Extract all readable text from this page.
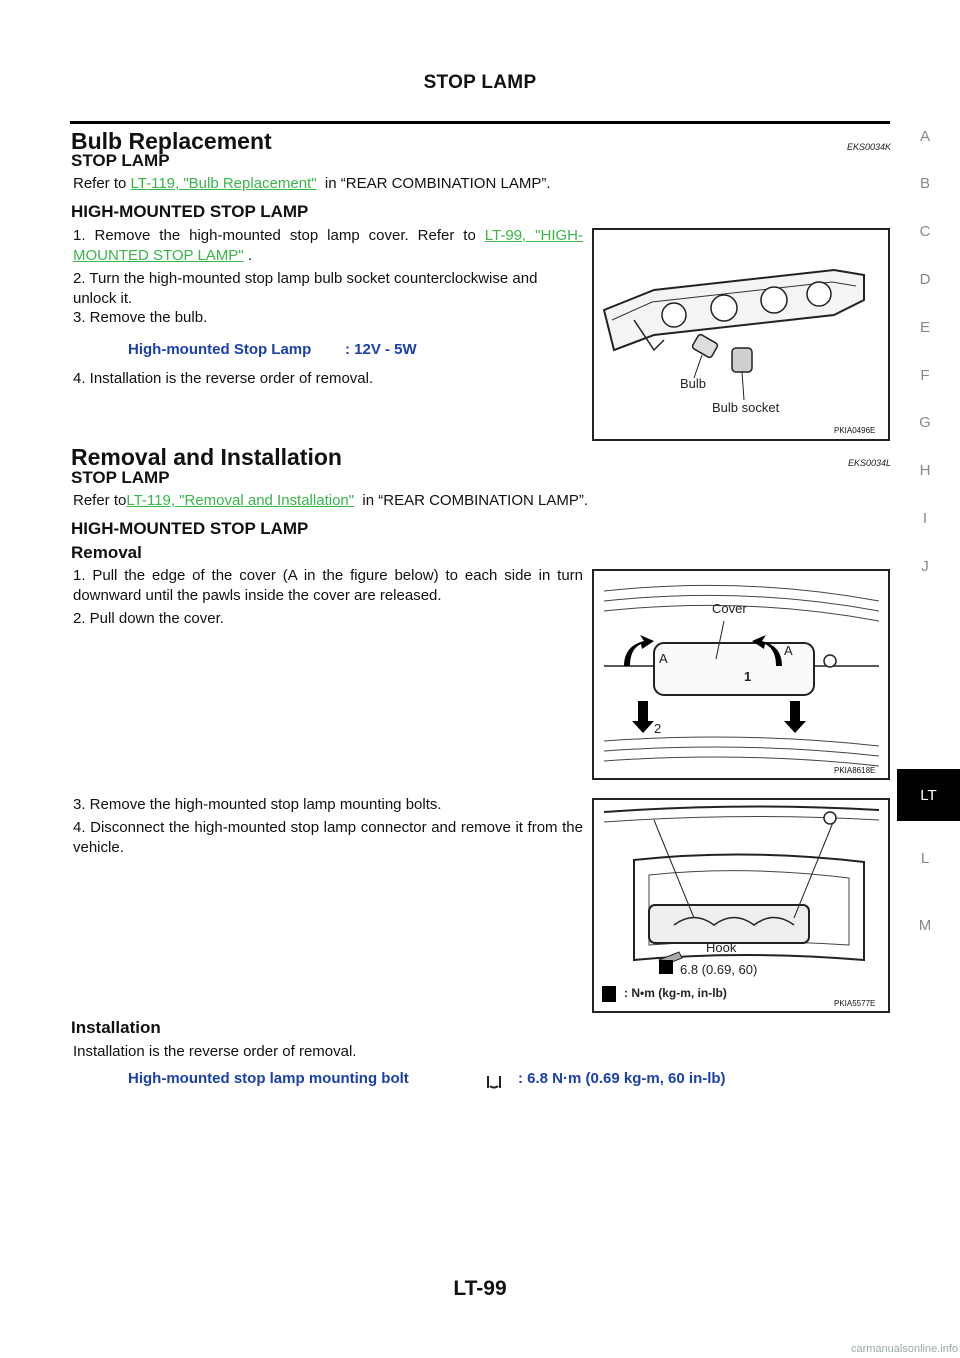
STOP LAMP
Bulb Replacement	EKS0034K
STOP LAMP
Refer to LT-119, "Bulb Replacement" in “REAR COMBINATION LAMP”.
HIGH-MOUNTED STOP LAMP
1. Remove the high-mounted stop lamp cover. Refer to LT-99, "HIGH-MOUNTED STOP LAMP" .
2. Turn the high-mounted stop lamp bulb socket counterclockwise and unlock it.
3. Remove the bulb.
High-mounted Stop Lamp : 12V - 5W
4. Installation is the reverse order of removal.	Bulb
Bulb socket
PKIA0496E
Removal and Installation	EKS0034L
STOP LAMP
Refer toLT-119, "Removal and Installation" in “REAR COMBINATION LAMP”.
HIGH-MOUNTED STOP LAMP
Removal
1. Pull the edge of the cover (A in the figure below) to each side in turn downward until the pawls inside the cover are released.
2. Pull down the cover.
3. Remove the high-mounted stop lamp mounting bolts.
4. Disconnect the high-mounted stop lamp connector and remove it from the vehicle.
Installation
Installation is the reverse order of removal.
High-mounted stop lamp mounting bolt	: 6.8 N·m (0.69 kg-m, 60 in-lb)
Cover
A
A
1
2
PKIA8618E
Hook
6.8 (0.69, 60)
: N•m (kg-m, in-lb)
PKIA5577E
A
B
C
D
E
F
G
H
I
J
LT
L
M
LT-99
carmanualsonline.info
